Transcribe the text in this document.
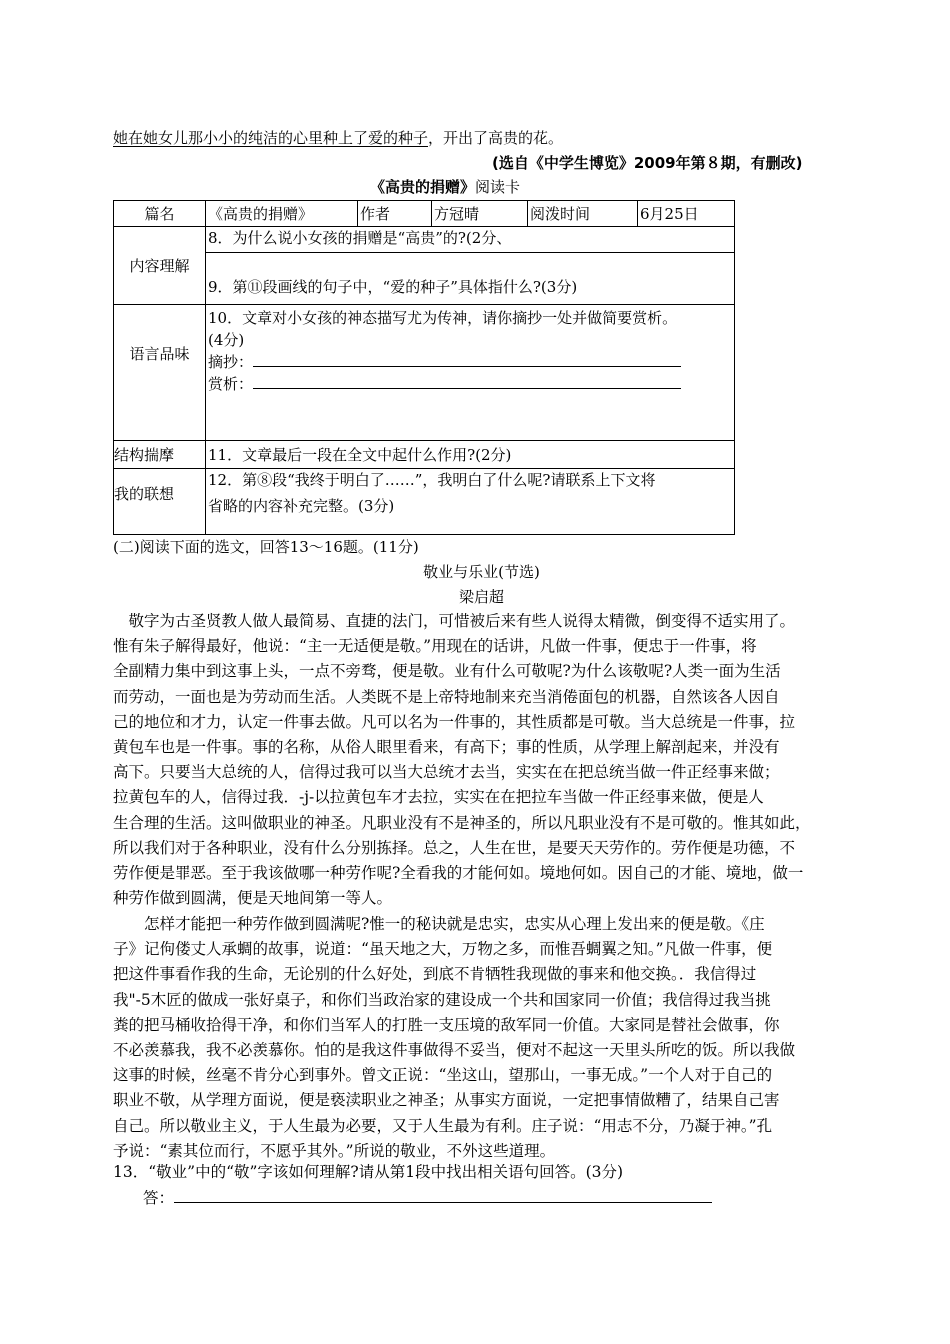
她在她女儿那小小的纯洁的心里种上了爱的种子，开出了高贵的花。
(选自《中学生博览》2009年第８期，有删改)
《高贵的捐赠》阅读卡
篇名	《高贵的捐赠》	作者	方冠晴	阅泼时间	6月25日
内容理解	8．为什么说小女孩的捐赠是“高贵”的?(2分、				
	9．第⑪段画线的句子中，“爱的种子”具体指什么?(3分)				
语言品味	10．文章对小女孩的神态描写尤为传神，请你摘抄一处并做简要赏析。
(4分)
摘抄：
赏析：				

结构揣摩	11．文章最后一段在全文中起什么作用?(2分)				
我的联想	12．第⑧段“我终于明白了……”，我明白了什么呢?请联系上下文将
省略的内容补充完整。(3分)				
(二)阅读下面的选文，回答13～16题。(11分)
敬业与乐业(节选)
梁启超

　敬字为古圣贤教人做人最简易、直捷的法门，可惜被后来有些人说得太精微，倒变得不适实用了。

惟有朱子解得最好，他说：“主一无适便是敬。”用现在的话讲，凡做一件事，便忠于一件事，将

全副精力集中到这事上头，一点不旁骛，便是敬。业有什么可敬呢?为什么该敬呢?人类一面为生活

而劳动，一面也是为劳动而生活。人类既不是上帝特地制来充当消倦面包的机器，自然该各人因自

己的地位和才力，认定一件事去做。凡可以名为一件事的，其性质都是可敬。当大总统是一件事，拉

黄包车也是一件事。事的名称，从俗人眼里看来，有高下；事的性质，从学理上解剖起来，并没有

高下。只要当大总统的人，信得过我可以当大总统才去当，实实在在把总统当做一件正经事来做；

拉黄包车的人，信得过我．-j-以拉黄包车才去拉，实实在在把拉车当做一件正经事来做，便是人

生合理的生活。这叫做职业的神圣。凡职业没有不是神圣的，所以凡职业没有不是可敬的。惟其如此，

所以我们对于各种职业，没有什么分别拣择。总之，人生在世，是要天天劳作的。劳作便是功德，不

劳作便是罪恶。至于我该做哪一种劳作呢?全看我的才能何如。境地何如。因自己的才能、境地，做一

种劳作做到圆满，便是天地间第一等人。

　　怎样才能把一种劳作做到圆满呢?惟一的秘诀就是忠实，忠实从心理上发出来的便是敬。《庄

子》记佝偻丈人承蜩的故事，说道：“虽天地之大，万物之多，而惟吾蜩翼之知。”凡做一件事，便

把这件事看作我的生命，无论别的什么好处，到底不肯牺牲我现做的事来和他交换。．我信得过

我"-5木匠的做成一张好桌子，和你们当政治家的建设成一个共和国家同一价值；我信得过我当挑

粪的把马桶收拾得干净，和你们当军人的打胜一支压境的敌军同一价值。大家同是替社会做事，你

不必羡慕我，我不必羡慕你。怕的是我这件事做得不妥当，便对不起这一天里头所吃的饭。所以我做

这事的时候，丝毫不肯分心到事外。曾文正说：“坐这山，望那山，一事无成。”一个人对于自己的

职业不敬，从学理方面说，便是亵渎职业之神圣；从事实方面说，一定把事情做糟了，结果自己害

自己。所以敬业主义，于人生最为必要，又于人生最为有利。庄子说：“用志不分，乃凝于神。”孔

予说：“素其位而行，不愿乎其外。”所说的敬业，不外这些道理。

13．“敬业”中的“敬”字该如何理解?请从第1段中找出相关语句回答。(3分)
答：
